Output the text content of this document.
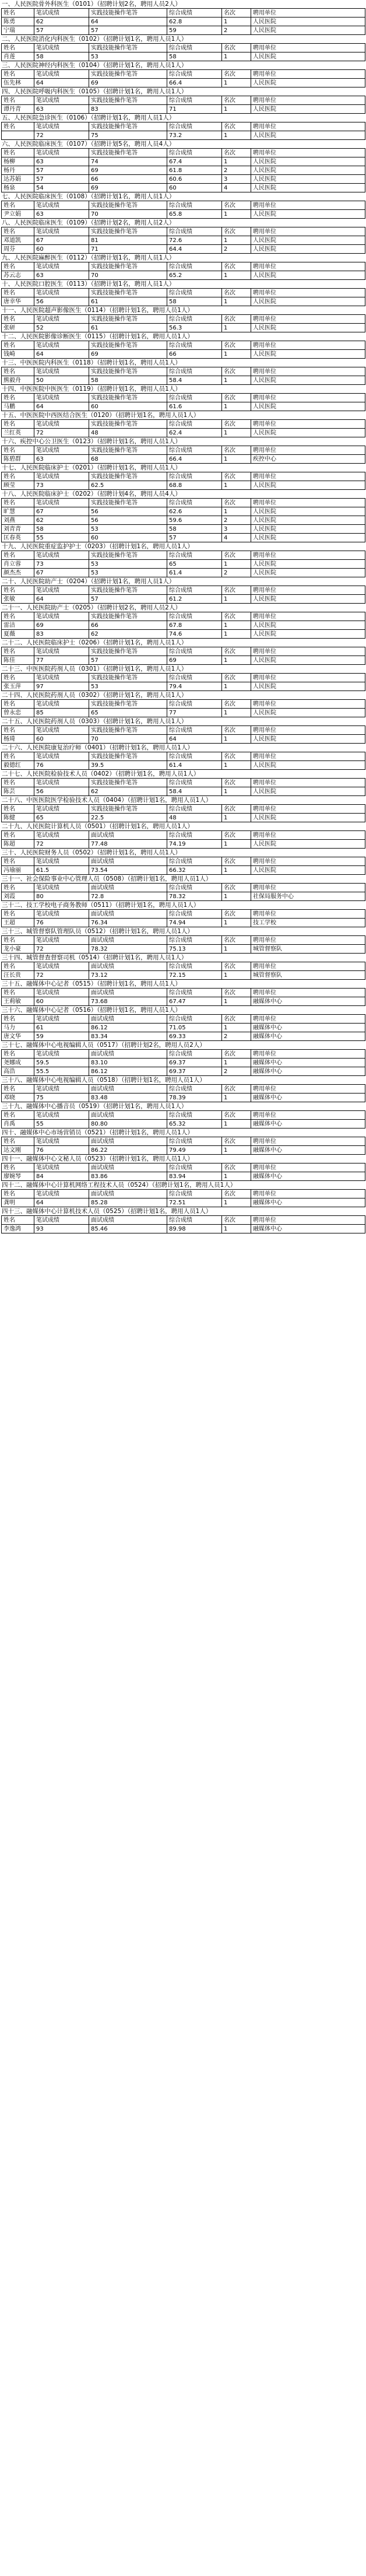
一、人民医院骨外科医生（0101）（招聘计划2名，聘用人员2人）
姓名	笔试成绩	实践技能操作笔答	综合成绩	名次	聘用单位
陈勇	62	64	62.8	1	人民医院
宁瑞	57	57	59	2	人民医院
二、人民医院消化内科医生（0102）（招聘计划1名，聘用人员1人）
姓名	笔试成绩	实践技能操作笔答	综合成绩	名次	聘用单位
肖莲	58	53	58	1	人民医院
三、人民医院神经内科医生（0104）（招聘计划1名，聘用人员1人）
姓名	笔试成绩	实践技能操作笔答	综合成绩	名次	聘用单位
伍先林	64	69	66.4	1	人民医院
四、人民医院呼吸内科医生（0105）（招聘计划1名，聘用人员1人）
姓名	笔试成绩	实践技能操作笔答	综合成绩	名次	聘用单位
谭丹青	63	83	71	1	人民医院
五、人民医院急诊医生（0106）（招聘计划1名，聘用人员1人）
姓名	笔试成绩	实践技能操作笔答	综合成绩	名次	聘用单位
	72	75	73.2	1	人民医院
六、人民医院临床医生（0107）（招聘计划5名，聘用人员4人）
姓名	笔试成绩	实践技能操作笔答	综合成绩	名次	聘用单位
杨柳	63	74	67.4	1	人民医院
杨丹	57	69	61.8	2	人民医院
达苏娟	57	66	60.6	3	人民医院
杨泉	54	69	60	4	人民医院
七、人民医院临床医生（0108）（招聘计划1名，聘用人员1人）
姓名	笔试成绩	实践技能操作笔答	综合成绩	名次	聘用单位
尹立娟	63	70	65.8	1	人民医院
八、人民医院临床医生（0109）（招聘计划2名，聘用人员2人）
姓名	笔试成绩	实践技能操作笔答	综合成绩	名次	聘用单位
邓道凯	67	81	72.6	1	人民医院
周芬	60	71	64.4	2	人民医院
九、人民医院麻醉医生（0112）（招聘计划1名，聘用人员1人）
姓名	笔试成绩	实践技能操作笔答	综合成绩	名次	聘用单位
苏云志	63	70	65.2	1	人民医院
十、人民医院口腔医生（0113）（招聘计划1名，聘用人员1人）
姓名	笔试成绩	实践技能操作笔答	综合成绩	名次	聘用单位
唐幸华	56	61	58	1	人民医院
十一、人民医院超声影像医生（0114）（招聘计划1名，聘用人员1人）
姓名	笔试成绩	实践技能操作笔答	综合成绩	名次	聘用单位
张研	52	61	56.3	1	人民医院
十二、人民医院影像诊断医生（0115）（招聘计划1名，聘用人员1人）
姓名	笔试成绩	实践技能操作笔答	综合成绩	名次	聘用单位
钱崎	64	69	66	1	人民医院
十三、中医医院内科医生（0118）（招聘计划1名，聘用人员1人）
姓名	笔试成绩	实践技能操作笔答	综合成绩	名次	聘用单位
熊毅舟	50	58	58.4	1	人民医院
十四、中医医院中医医生（0119）（招聘计划1名，聘用人员1人）
姓名	笔试成绩	实践技能操作笔答	综合成绩	名次	聘用单位
马鹏	64	60	61.6	1	人民医院
十五、中医医院中西医结合医生（0120）（招聘计划1名，聘用人员1人）
姓名	笔试成绩	实践技能操作笔答	综合成绩	名次	聘用单位
兰红英	72	48	62.4	1	人民医院
十六、疾控中心公卫医生（0123）（招聘计划1名，聘用人员1人）
姓名	笔试成绩	实践技能操作笔答	综合成绩	名次	聘用单位
陈碧群	63	68	66.4	1	疾控中心
十七、人民医院临床护士（0201）（招聘计划1名，聘用人员1人）
姓名	笔试成绩	实践技能操作笔答	综合成绩	名次	聘用单位
顾莹	73	62.5	68.8	1	人民医院
十八、人民医院临床护士（0202）（招聘计划4名，聘用人员4人）
姓名	笔试成绩	实践技能操作笔答	综合成绩	名次	聘用单位
旷慧	67	56	62.6	1	人民医院
刘燕	62	56	59.6	2	人民医院
刘青青	58	53	58	3	人民医院
匡春英	55	60	57	4	人民医院
十九、人民医院重症监护护士（0203）（招聘计划1名，聘用人员1人）
姓名	笔试成绩	实践技能操作笔答	综合成绩	名次	聘用单位
肖立蓉	73	53	65	1	人民医院
颜杰杰	67	53	61.4	2	人民医院
二十、人民医院助产士（0204）（招聘计划1名，聘用人员1人）
姓名	笔试成绩	实践技能操作笔答	综合成绩	名次	聘用单位
张敏	64	57	61.2	1	人民医院
二十一、人民医院助产士（0205）（招聘计划2名，聘用人员2人）
姓名	笔试成绩	实践技能操作笔答	综合成绩	名次	聘用单位
雷洁	69	66	67.8	1	人民医院
夏薇	83	62	74.6	1	人民医院
二十二、人民医院临床护士（0206）（招聘计划1名，聘用人员1人）
姓名	笔试成绩	实践技能操作笔答	综合成绩	名次	聘用单位
陈佳	77	57	69	1	人民医院
二十三、中医医院药剂人员（0301）（招聘计划1名，聘用人员1人）
姓名	笔试成绩	实践技能操作笔答	综合成绩	名次	聘用单位
张玉萍	97	53	79.4	1	人民医院
二十四、人民医院药剂人员（0302）（招聘计划1名，聘用人员1人）
姓名	笔试成绩	实践技能操作笔答	综合成绩	名次	聘用单位
曾永恋	85	65	77	1	人民医院
二十五、人民医院药剂人员（0303）（招聘计划1名，聘用人员1人）
姓名	笔试成绩	实践技能操作笔答	综合成绩	名次	聘用单位
杨琦	60	70	64	1	人民医院
二十六、人民医院康复治疗师（0401）（招聘计划1名，聘用人员1人）
姓名	笔试成绩	实践技能操作笔答	综合成绩	名次	聘用单位
毅德红	76	39.5	61.4	1	人民医院
二十七、人民医院检验技术人员（0402）（招聘计划1名，聘用人员1人）
姓名	笔试成绩	实践技能操作笔答	综合成绩	名次	聘用单位
陈芸	56	62	58.4	1	人民医院
二十八、中医医院医学检验技术人员（0404）（招聘计划1名，聘用人员1人）
姓名	笔试成绩	实践技能操作笔答	综合成绩	名次	聘用单位
陈健	65	22.5	48	1	人民医院
二十九、人民医院计算机人员（0501）（招聘计划1名，聘用人员1人）
姓名	笔试成绩	面试成绩	综合成绩	名次	聘用单位
陈超	72	77.48	74.19	1	人民医院
三十、人民医院财务人员（0502）（招聘计划1名，聘用人员1人）
姓名	笔试成绩	面试成绩	综合成绩	名次	聘用单位
冯瑜丽	61.5	73.54	66.32	1	人民医院
三十一、社会保险事业中心管理人员（0508）（招聘计划1名，聘用人员1人）
姓名	笔试成绩	面试成绩	综合成绩	名次	聘用单位
刘霞	80	72.8	78.32	1	社保局服务中心
三十二、技工学校电子商务教师（0511）（招聘计划1名，聘用人员1人）
姓名	笔试成绩	面试成绩	综合成绩	名次	聘用单位
王超	76	76.34	74.94	1	技工学校
三十三、城管督察队管理队员（0512）（招聘计划1名，聘用人员1人）
姓名	笔试成绩	面试成绩	综合成绩	名次	聘用单位
龙小豪	72	78.32	75.13	1	城管督察队
三十四、城管督查督察司机（0514）（招聘计划1名，聘用人员1人）
姓名	笔试成绩	面试成绩	综合成绩	名次	聘用单位
汪长贵	72	73.12	72.15	1	城管督察队
三十五、融媒体中心记者（0515）（招聘计划1名，聘用人员1人）
姓名	笔试成绩	面试成绩	综合成绩	名次	聘用单位
王莉敏	60	73.68	67.47	1	融媒体中心
三十六、融媒体中心记者（0516）（招聘计划1名，聘用人员1人）
姓名	笔试成绩	面试成绩	综合成绩	名次	聘用单位
马力	61	86.12	71.05	1	融媒体中心
唐文华	59	83.34	69.33	2	融媒体中心
三十七、融媒体中心电视编辑人员（0517）（招聘计划2名，聘用人员2人）
姓名	笔试成绩	面试成绩	综合成绩	名次	聘用单位
尧娜成	59.5	83.10	69.37	1	融媒体中心
高浩	55.5	86.12	69.37	2	融媒体中心
三十八、融媒体中心电视编辑人员（0518）（招聘计划1名，聘用人员1人）
姓名	笔试成绩	面试成绩	综合成绩	名次	聘用单位
邓晓	75	83.48	78.39	1	融媒体中心
三十九、融媒体中心播音员（0519）（招聘计划1名，聘用人员1人）
姓名	笔试成绩	面试成绩	综合成绩	名次	聘用单位
肖禹	55	80.80	65.32	1	融媒体中心
四十、融媒体中心市场营销员（0521）（招聘计划1名，聘用人员1人）
姓名	笔试成绩	面试成绩	综合成绩	名次	聘用单位
达文刚	76	86.22	79.49	1	融媒体中心
四十一、融媒体中心文秘人员（0523）（招聘计划1名，聘用人员1人）
姓名	笔试成绩	面试成绩	综合成绩	名次	聘用单位
廖婉琴	84	83.86	83.94	1	融媒体中心
四十二、融媒体中心计算机网络工程技术人员（0524）（招聘计划1名，聘用人员1人）
姓名	笔试成绩	面试成绩	综合成绩	名次	聘用单位
龚明	64	85.28	72.51	1	融媒体中心
四十三、融媒体中心计算机技术人员（0525）（招聘计划1名，聘用人员1人）
姓名	笔试成绩	面试成绩	综合成绩	名次	聘用单位
李逸鸿	93	85.46	89.98	1	融媒体中心
